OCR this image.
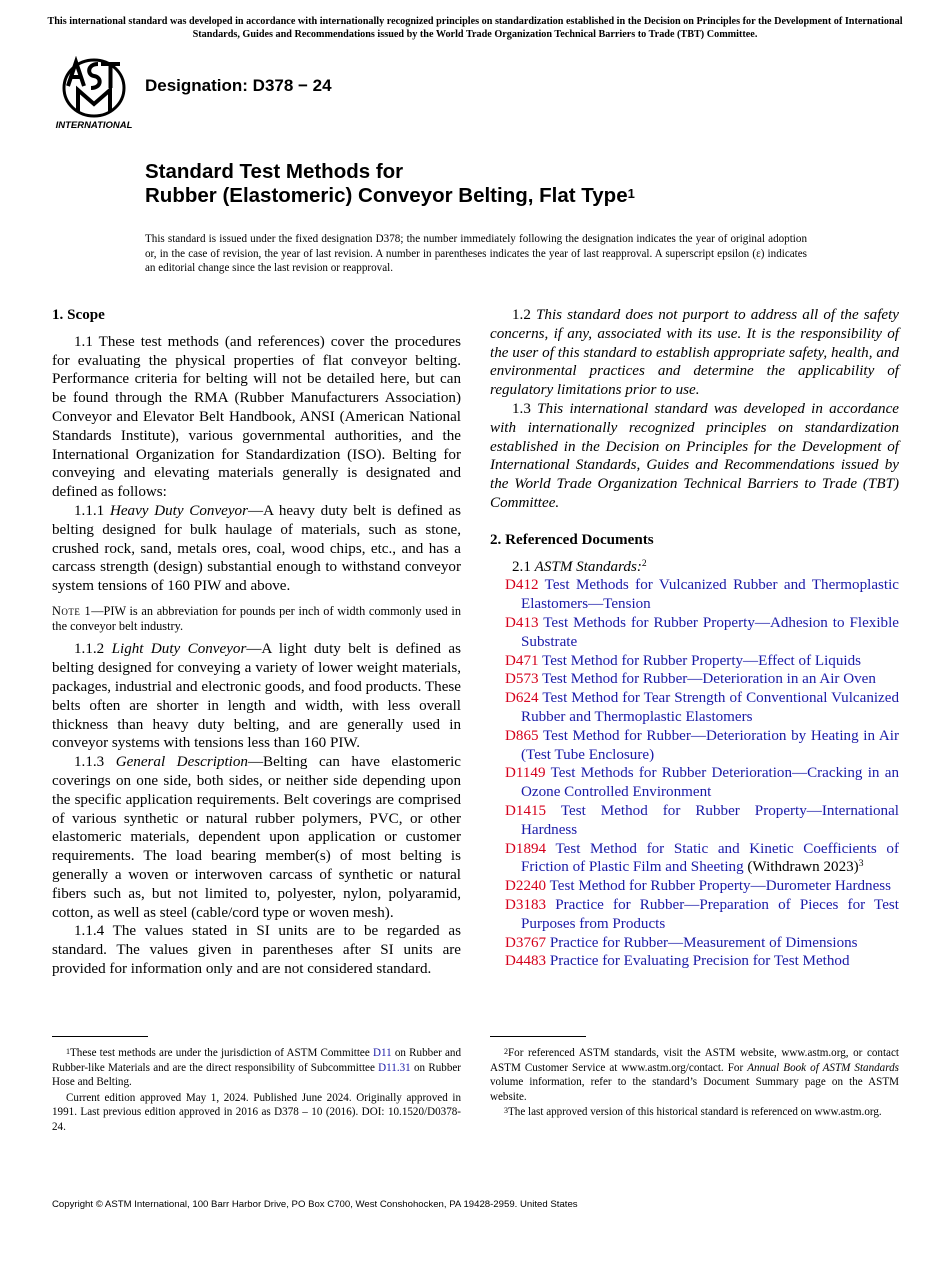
This international standard was developed in accordance with internationally recognized principles on standardization established in the Decision on Principles for the Development of International Standards, Guides and Recommendations issued by the World Trade Organization Technical Barriers to Trade (TBT) Committee.
INTERNATIONAL
Designation: D378 − 24
Standard Test Methods for
Rubber (Elastomeric) Conveyor Belting, Flat Type$^1$
This standard is issued under the fixed designation D378; the number immediately following the designation indicates the year of original adoption or, in the case of revision, the year of last revision. A number in parentheses indicates the year of last reapproval. A superscript epsilon (ε) indicates an editorial change since the last revision or reapproval.
1. Scope

1.1 These test methods (and references) cover the procedures for evaluating the physical properties of flat conveyor belting. Performance criteria for belting will not be detailed here, but can be found through the RMA (Rubber Manufacturers Association) Conveyor and Elevator Belt Handbook, ANSI (American National Standards Institute), various governmental authorities, and the International Organization for Standardization (ISO). Belting for conveying and elevating materials generally is designated and defined as follows:

1.1.1 Heavy Duty Conveyor—A heavy duty belt is defined as belting designed for bulk haulage of materials, such as stone, crushed rock, sand, metals ores, coal, wood chips, etc., and has a carcass strength (design) substantial enough to withstand conveyor system tensions of 160 PIW and above.

Note 1—PIW is an abbreviation for pounds per inch of width commonly used in the conveyor belt industry.

1.1.2 Light Duty Conveyor—A light duty belt is defined as belting designed for conveying a variety of lower weight materials, packages, industrial and electronic goods, and food products. These belts often are shorter in length and width, with less overall thickness than heavy duty belting, and are generally used in conveyor systems with tensions less than 160 PIW.

1.1.3 General Description—Belting can have elastomeric coverings on one side, both sides, or neither side depending upon the specific application requirements. Belt coverings are comprised of various synthetic or natural rubber polymers, PVC, or other elastomeric materials, dependent upon application or customer requirements. The load bearing member(s) of most belting is generally a woven or interwoven carcass of synthetic or natural fibers such as, but not limited to, polyester, nylon, polyaramid, cotton, as well as steel (cable/cord type or woven mesh).

1.1.4 The values stated in SI units are to be regarded as standard. The values given in parentheses after SI units are provided for information only and are not considered standard.

1.2 This standard does not purport to address all of the safety concerns, if any, associated with its use. It is the responsibility of the user of this standard to establish appropriate safety, health, and environmental practices and determine the applicability of regulatory limitations prior to use.

1.3 This international standard was developed in accordance with internationally recognized principles on standardization established in the Decision on Principles for the Development of International Standards, Guides and Recommendations issued by the World Trade Organization Technical Barriers to Trade (TBT) Committee.

2. Referenced Documents

2.1 ASTM Standards:$^2$

D412 Test Methods for Vulcanized Rubber and Thermoplastic Elastomers—Tension

D413 Test Methods for Rubber Property—Adhesion to Flexible Substrate

D471 Test Method for Rubber Property—Effect of Liquids

D573 Test Method for Rubber—Deterioration in an Air Oven

D624 Test Method for Tear Strength of Conventional Vulcanized Rubber and Thermoplastic Elastomers

D865 Test Method for Rubber—Deterioration by Heating in Air (Test Tube Enclosure)

D1149 Test Methods for Rubber Deterioration—Cracking in an Ozone Controlled Environment

D1415 Test Method for Rubber Property—International Hardness

D1894 Test Method for Static and Kinetic Coefficients of Friction of Plastic Film and Sheeting (Withdrawn 2023)$^3$

D2240 Test Method for Rubber Property—Durometer Hardness

D3183 Practice for Rubber—Preparation of Pieces for Test Purposes from Products

D3767 Practice for Rubber—Measurement of Dimensions

D4483 Practice for Evaluating Precision for Test Method

$^1$These test methods are under the jurisdiction of ASTM Committee D11 on Rubber and Rubber-like Materials and are the direct responsibility of Subcommittee D11.31 on Rubber Hose and Belting.

Current edition approved May 1, 2024. Published June 2024. Originally approved in 1991. Last previous edition approved in 2016 as D378 – 10 (2016). DOI: 10.1520/D0378-24.

$^2$For referenced ASTM standards, visit the ASTM website, www.astm.org, or contact ASTM Customer Service at www.astm.org/contact. For Annual Book of ASTM Standards volume information, refer to the standard’s Document Summary page on the ASTM website.

$^3$The last approved version of this historical standard is referenced on www.astm.org.

Copyright © ASTM International, 100 Barr Harbor Drive, PO Box C700, West Conshohocken, PA 19428-2959. United States
